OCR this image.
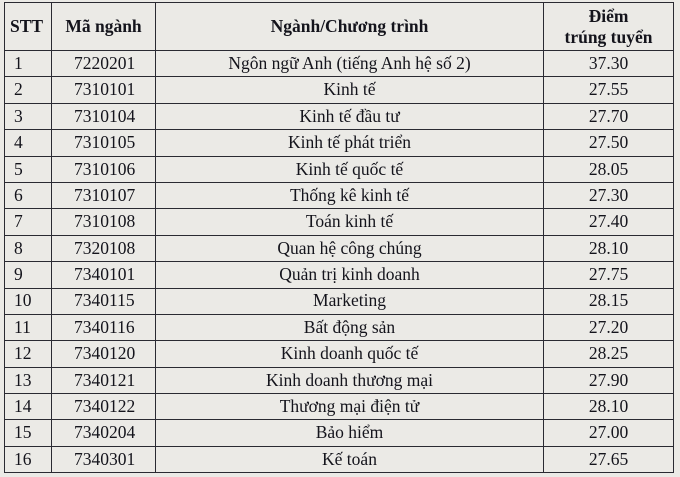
STT	Mã ngành	Ngành/Chương trình	Điểm
trúng tuyển
1	7220201	Ngôn ngữ Anh (tiếng Anh hệ số 2)	37.30
2	7310101	Kinh tế	27.55
3	7310104	Kinh tế đầu tư	27.70
4	7310105	Kinh tế phát triển	27.50
5	7310106	Kinh tế quốc tế	28.05
6	7310107	Thống kê kinh tế	27.30
7	7310108	Toán kinh tế	27.40
8	7320108	Quan hệ công chúng	28.10
9	7340101	Quản trị kinh doanh	27.75
10	7340115	Marketing	28.15
11	7340116	Bất động sản	27.20
12	7340120	Kinh doanh quốc tế	28.25
13	7340121	Kinh doanh thương mại	27.90
14	7340122	Thương mại điện tử	28.10
15	7340204	Bảo hiểm	27.00
16	7340301	Kế toán	27.65
